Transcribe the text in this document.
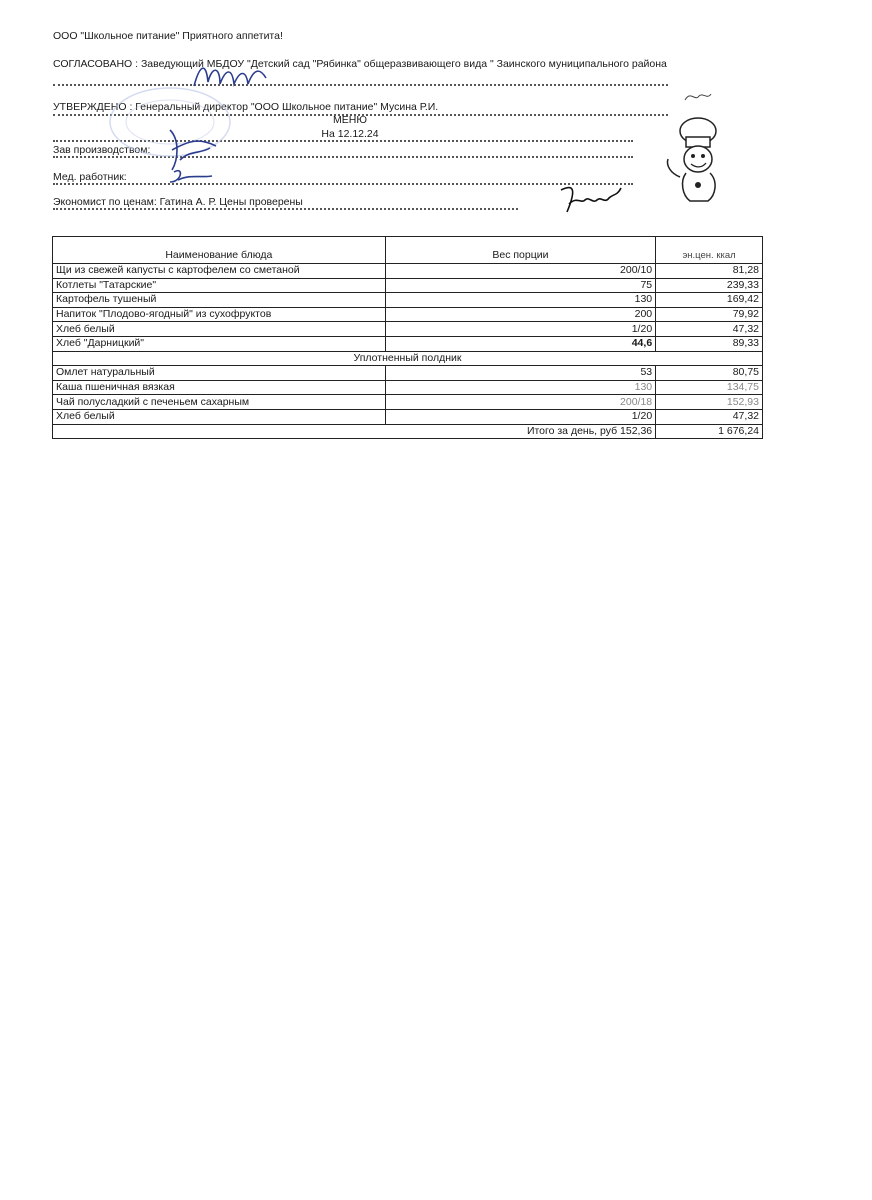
ООО "Школьное питание" Приятного аппетита!
СОГЛАСОВАНО : Заведующий МБДОУ "Детский сад "Рябинка" общеразвивающего вида " Заинского муниципального района
УТВЕРЖДЕНО : Генеральный директор "ООО Школьное питание" Мусина Р.И.
МЕНЮ
На 12.12.24
Зав производством:
Мед. работник:
Экономист по ценам: Гатина А. Р. Цены проверены
Наименование блюда	Вес порции	эн.цен. ккал
Щи из свежей капусты с картофелем со сметаной	200/10	81,28
Котлеты "Татарские"	75	239,33
Картофель тушеный	130	169,42
Напиток "Плодово-ягодный" из сухофруктов	200	79,92
Хлеб белый	1/20	47,32
Хлеб "Дарницкий"	44,6	89,33
Уплотненный полдник		
Омлет натуральный	53	80,75
Каша пшеничная вязкая	130	134,75
Чай полусладкий с печеньем сахарным	200/18	152,93
Хлеб белый	1/20	47,32
	Итого за день, руб 152,36	1 676,24
